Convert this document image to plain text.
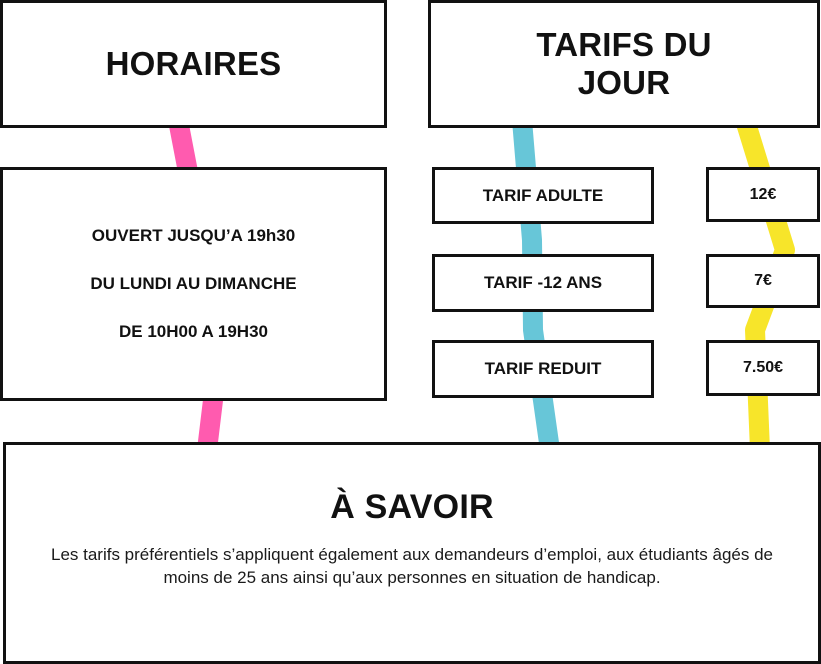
HORAIRES
TARIFS DU JOUR
OUVERT JUSQU’A 19h30
DU LUNDI AU DIMANCHE
DE 10H00 A 19H30
TARIF ADULTE
TARIF -12 ANS
TARIF REDUIT
12€
7€
7.50€
À SAVOIR
Les tarifs préférentiels s’appliquent également aux demandeurs d’emploi, aux étudiants âgés de moins de 25 ans ainsi qu’aux personnes en situation de handicap.
